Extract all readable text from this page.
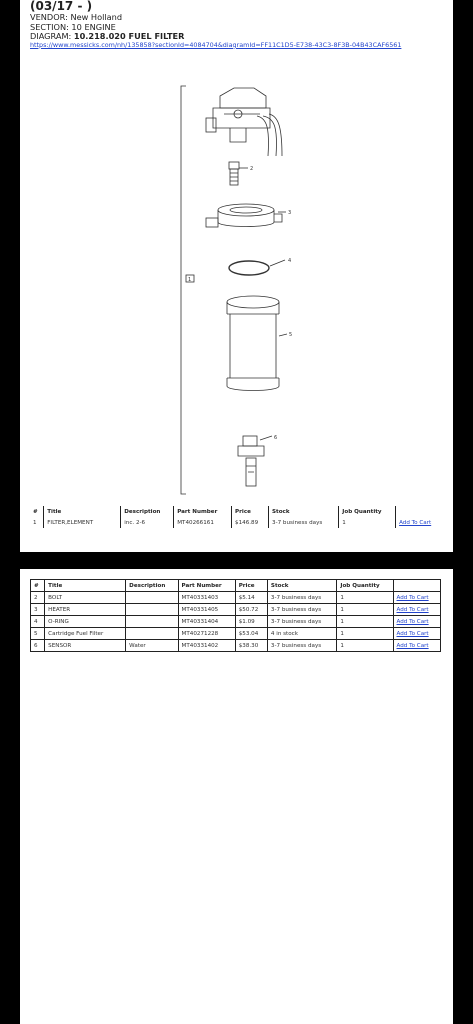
(03/17 - )
VENDOR: New Holland
SECTION: 10 ENGINE
DIAGRAM: 10.218.020 FUEL FILTER
https://www.messicks.com/nh/135858?sectionId=4084704&diagramId=FF11C1D5-E738-43C3-8F3B-04B43CAF6561
2
3
4
5
6
1
#	Title	Description	Part Number	Price	Stock	Job Quantity	
1	FILTER,ELEMENT	inc. 2-6	MT40266161	$146.89	3-7 business days	1	Add To Cart
#	Title	Description	Part Number	Price	Stock	Job Quantity	
2	BOLT		MT40331403	$5.14	3-7 business days	1	Add To Cart
3	HEATER		MT40331405	$50.72	3-7 business days	1	Add To Cart
4	O-RING		MT40331404	$1.09	3-7 business days	1	Add To Cart
5	Cartridge Fuel Filter		MT40271228	$53.04	4 in stock	1	Add To Cart
6	SENSOR	Water	MT40331402	$38.30	3-7 business days	1	Add To Cart
